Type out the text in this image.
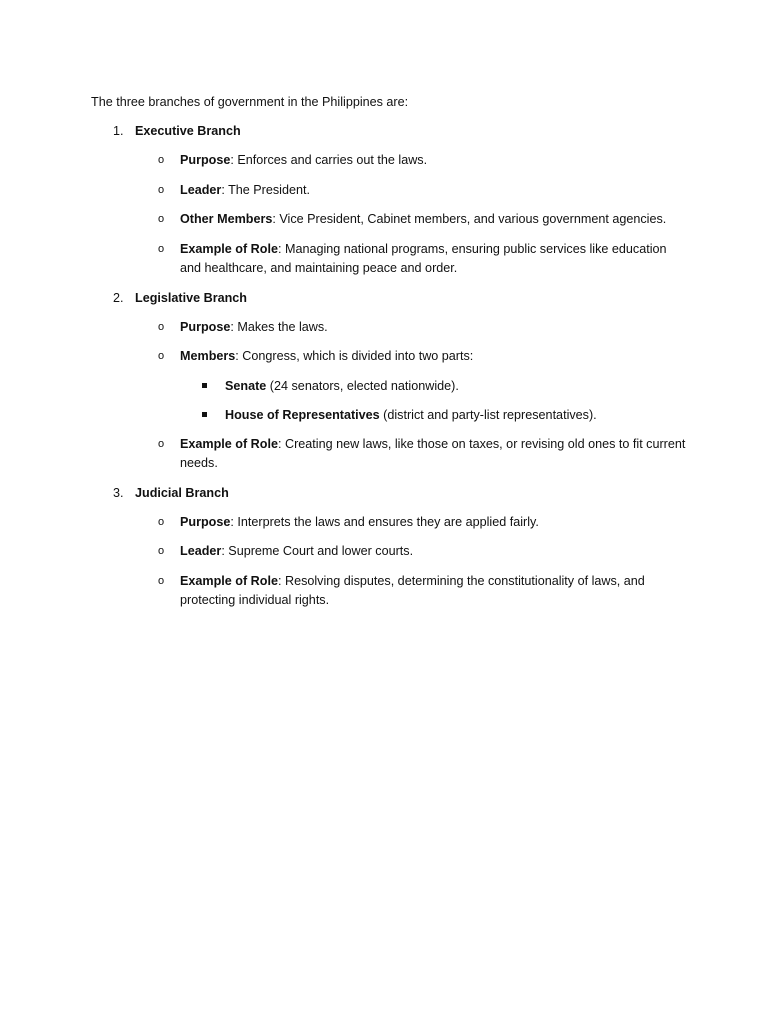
The three branches of government in the Philippines are:

1. Executive Branch
o Purpose: Enforces and carries out the laws.
o Leader: The President.
o Other Members: Vice President, Cabinet members, and various government agencies.
o Example of Role: Managing national programs, ensuring public services like education and healthcare, and maintaining peace and order.
2. Legislative Branch
o Purpose: Makes the laws.
o Members: Congress, which is divided into two parts:
Senate (24 senators, elected nationwide).
House of Representatives (district and party-list representatives).
o Example of Role: Creating new laws, like those on taxes, or revising old ones to fit current needs.
3. Judicial Branch
o Purpose: Interprets the laws and ensures they are applied fairly.
o Leader: Supreme Court and lower courts.
o Example of Role: Resolving disputes, determining the constitutionality of laws, and protecting individual rights.
